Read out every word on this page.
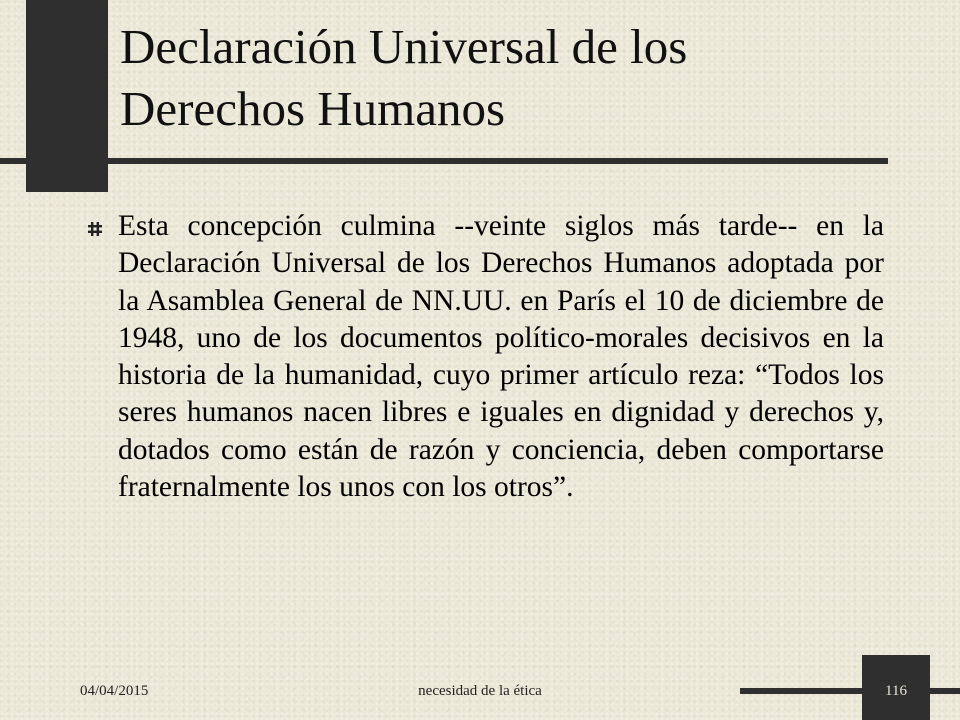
Declaración Universal de los Derechos Humanos

Esta concepción culmina --veinte siglos más tarde-- en la Declaración Universal de los Derechos Humanos adoptada por la Asamblea General de NN.UU. en París el 10 de diciembre de 1948, uno de los documentos político-morales decisivos en la historia de la humanidad, cuyo primer artículo reza: “Todos los seres humanos nacen libres e iguales en dignidad y derechos y, dotados como están de razón y conciencia, deben comportarse fraternalmente los unos con los otros”.

04/04/2015	necesidad de la ética	116
